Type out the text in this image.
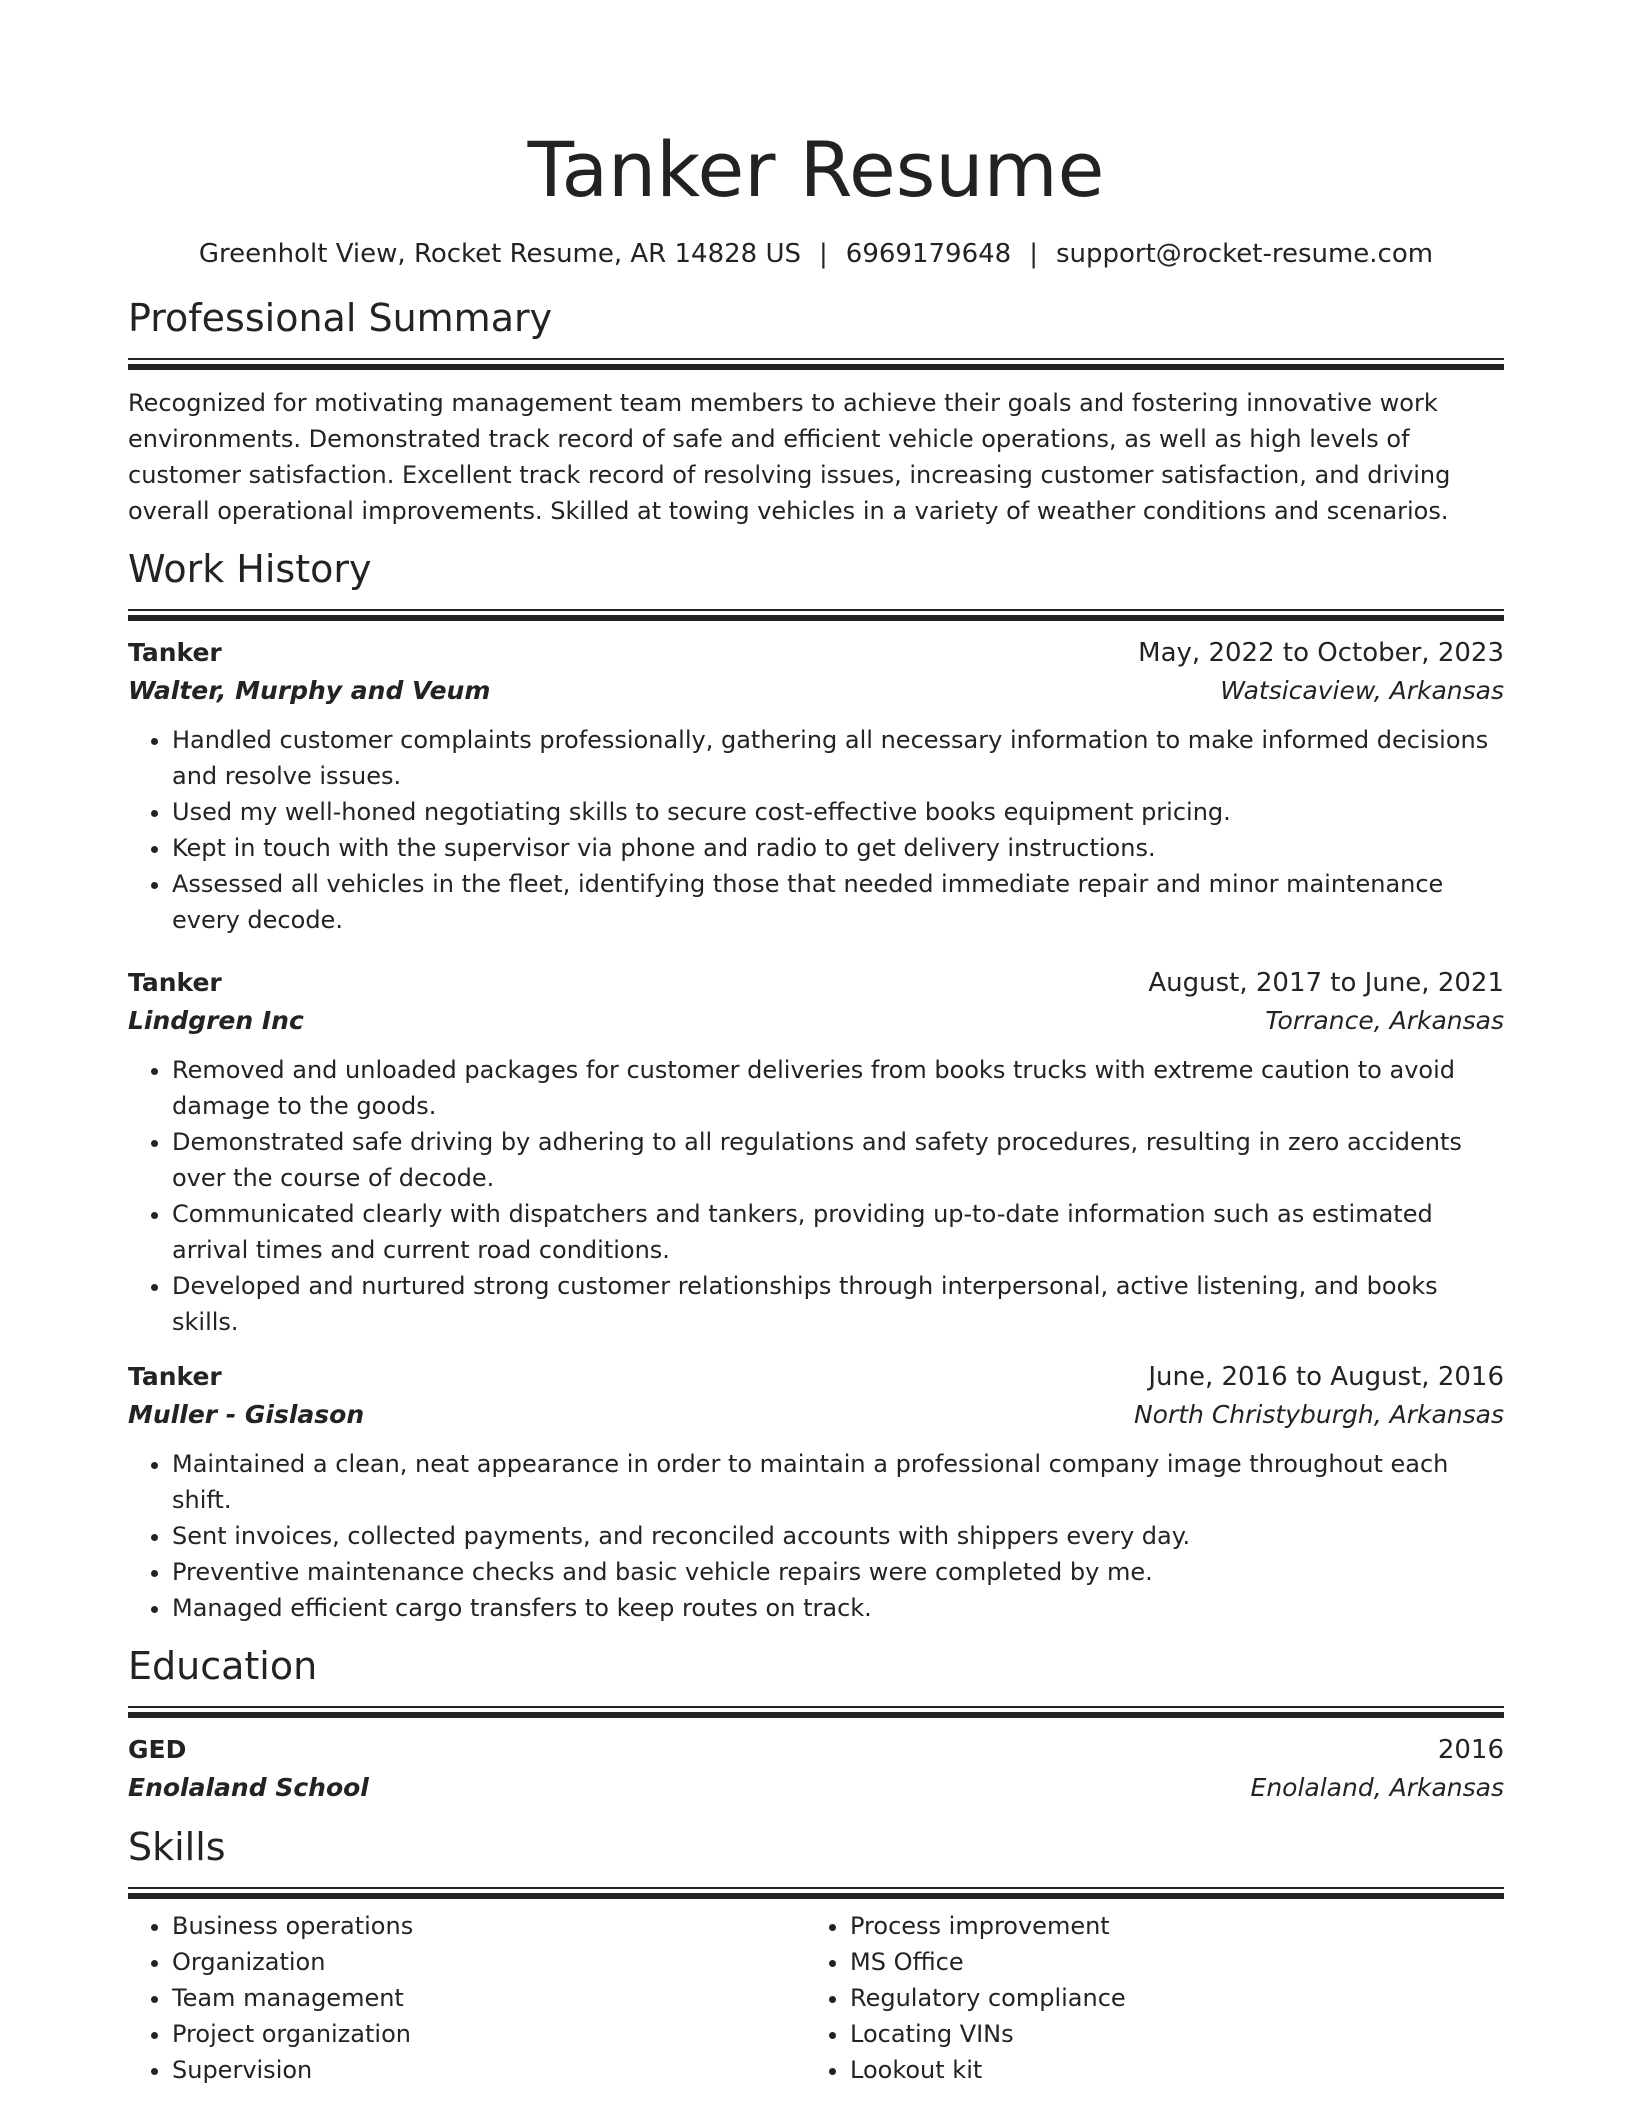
Tanker Resume
Greenholt View, Rocket Resume, AR 14828 US | 6969179648 | support@rocket-resume.com
Professional Summary
Recognized for motivating management team members to achieve their goals and fostering innovative work environments. Demonstrated track record of safe and efficient vehicle operations, as well as high levels of customer satisfaction. Excellent track record of resolving issues, increasing customer satisfaction, and driving overall operational improvements. Skilled at towing vehicles in a variety of weather conditions and scenarios.
Work History
Tanker	May, 2022 to October, 2023
Walter, Murphy and Veum	Watsicaview, Arkansas
• Handled customer complaints professionally, gathering all necessary information to make informed decisions and resolve issues.
• Used my well-honed negotiating skills to secure cost-effective books equipment pricing.
• Kept in touch with the supervisor via phone and radio to get delivery instructions.
• Assessed all vehicles in the fleet, identifying those that needed immediate repair and minor maintenance every decode.
Tanker	August, 2017 to June, 2021
Lindgren Inc	Torrance, Arkansas
• Removed and unloaded packages for customer deliveries from books trucks with extreme caution to avoid damage to the goods.
• Demonstrated safe driving by adhering to all regulations and safety procedures, resulting in zero accidents over the course of decode.
• Communicated clearly with dispatchers and tankers, providing up-to-date information such as estimated arrival times and current road conditions.
• Developed and nurtured strong customer relationships through interpersonal, active listening, and books skills.
Tanker	June, 2016 to August, 2016
Muller - Gislason	North Christyburgh, Arkansas
• Maintained a clean, neat appearance in order to maintain a professional company image throughout each shift.
• Sent invoices, collected payments, and reconciled accounts with shippers every day.
• Preventive maintenance checks and basic vehicle repairs were completed by me.
• Managed efficient cargo transfers to keep routes on track.
Education
GED	2016
Enolaland School	Enolaland, Arkansas
Skills
• Business operations
• Organization
• Team management
• Project organization
• Supervision
• Process improvement
• MS Office
• Regulatory compliance
• Locating VINs
• Lookout kit
